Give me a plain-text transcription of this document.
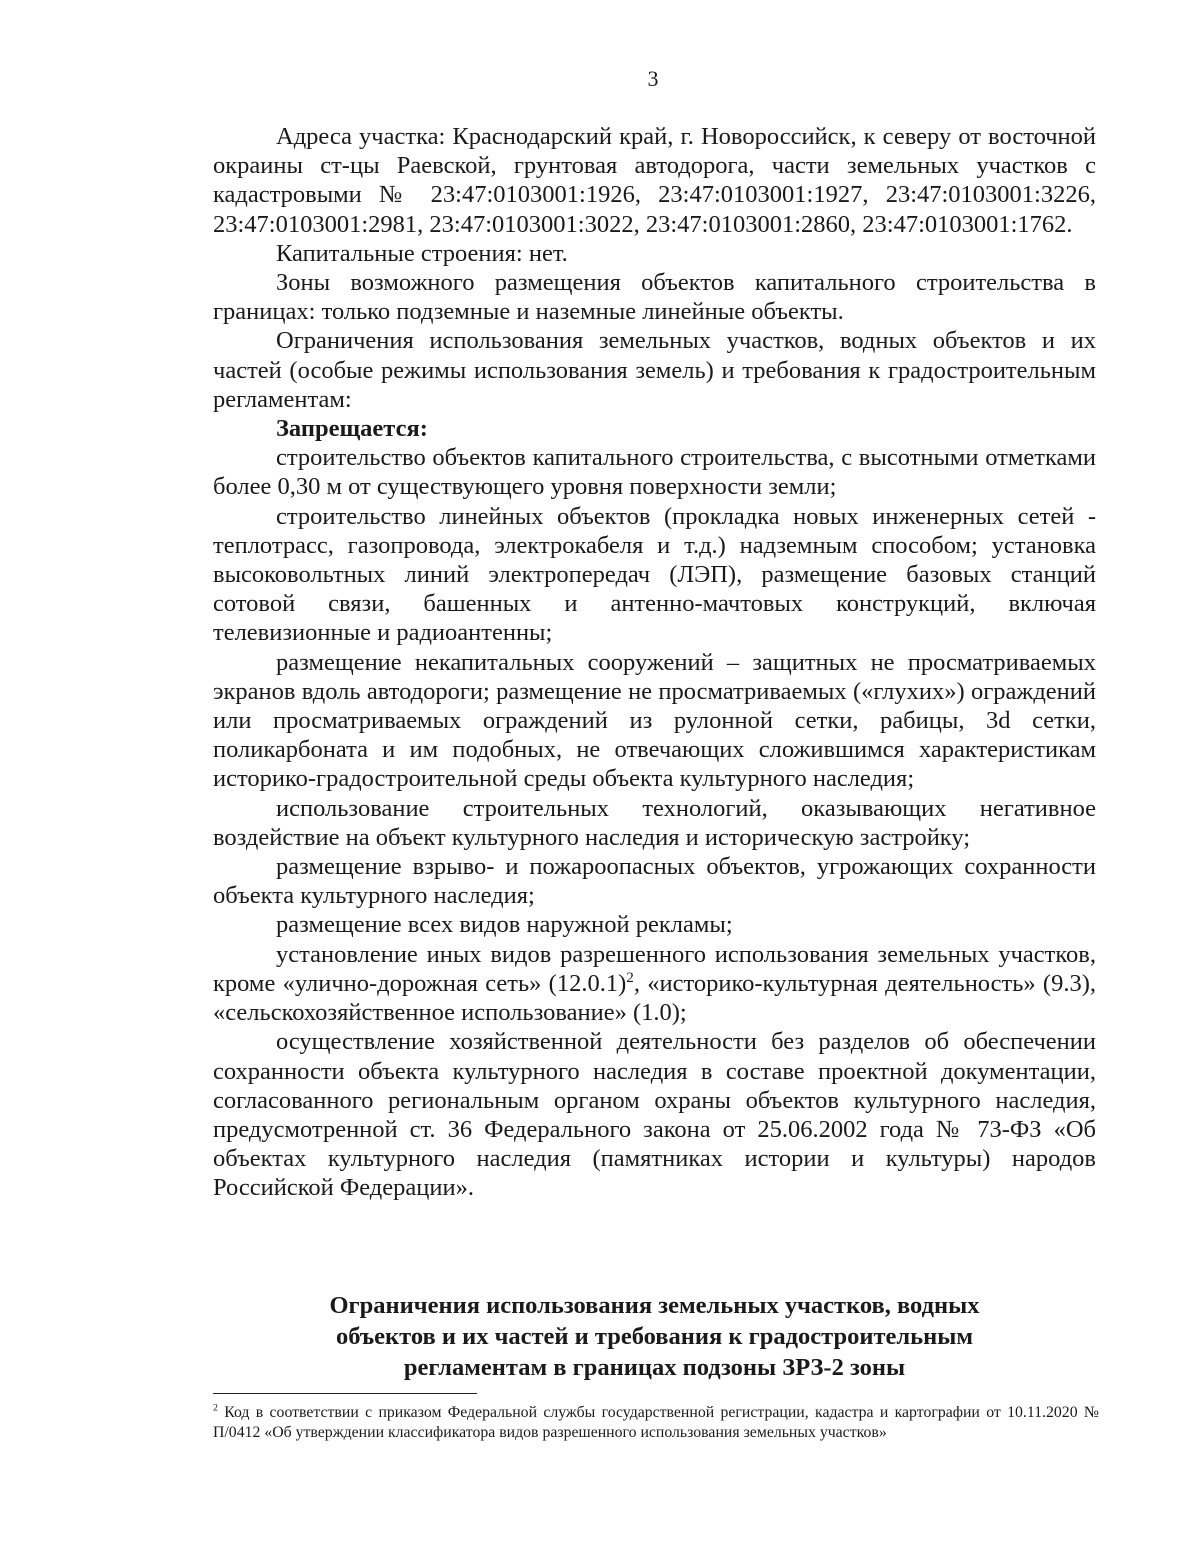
3

Адреса участка: Краснодарский край, г. Новороссийск, к северу от восточной окраины ст-цы Раевской, грунтовая автодорога, части земельных участков с кадастровыми № 23:47:0103001:1926, 23:47:0103001:1927, 23:47:0103001:3226, 23:47:0103001:2981, 23:47:0103001:3022, 23:47:0103001:2860, 23:47:0103001:1762.

Капитальные строения: нет.

Зоны возможного размещения объектов капитального строительства в границах: только подземные и наземные линейные объекты.

Ограничения использования земельных участков, водных объектов и их частей (особые режимы использования земель) и требования к градостроительным регламентам:

Запрещается:

строительство объектов капитального строительства, с высотными отметками более 0,30 м от существующего уровня поверхности земли;

строительство линейных объектов (прокладка новых инженерных сетей - теплотрасс, газопровода, электрокабеля и т.д.) надземным способом; установка высоковольтных линий электропередач (ЛЭП), размещение базовых станций сотовой связи, башенных и антенно-мачтовых конструкций, включая телевизионные и радиоантенны;

размещение некапитальных сооружений – защитных не просматриваемых экранов вдоль автодороги; размещение не просматриваемых («глухих») ограждений или просматриваемых ограждений из рулонной сетки, рабицы, 3d сетки, поликарбоната и им подобных, не отвечающих сложившимся характеристикам историко-градостроительной среды объекта культурного наследия;

использование строительных технологий, оказывающих негативное воздействие на объект культурного наследия и историческую застройку;

размещение взрыво- и пожароопасных объектов, угрожающих сохранности объекта культурного наследия;

размещение всех видов наружной рекламы;

установление иных видов разрешенного использования земельных участков, кроме «улично-дорожная сеть» $(12.0.1)^2$, «историко-культурная деятельность» (9.3), «сельскохозяйственное использование» (1.0);

осуществление хозяйственной деятельности без разделов об обеспечении сохранности объекта культурного наследия в составе проектной документации, согласованного региональным органом охраны объектов культурного наследия, предусмотренной ст. 36 Федерального закона от 25.06.2002 года № 73-ФЗ «Об объектах культурного наследия (памятниках истории и культуры) народов Российской Федерации».

Ограничения использования земельных участков, водных
объектов и их частей и требования к градостроительным
регламентам в границах подзоны ЗРЗ-2 зоны
$^2$ Код в соответствии с приказом Федеральной службы государственной регистрации, кадастра и картографии от 10.11.2020 № П/0412 «Об утверждении классификатора видов разрешенного использования земельных участков»
